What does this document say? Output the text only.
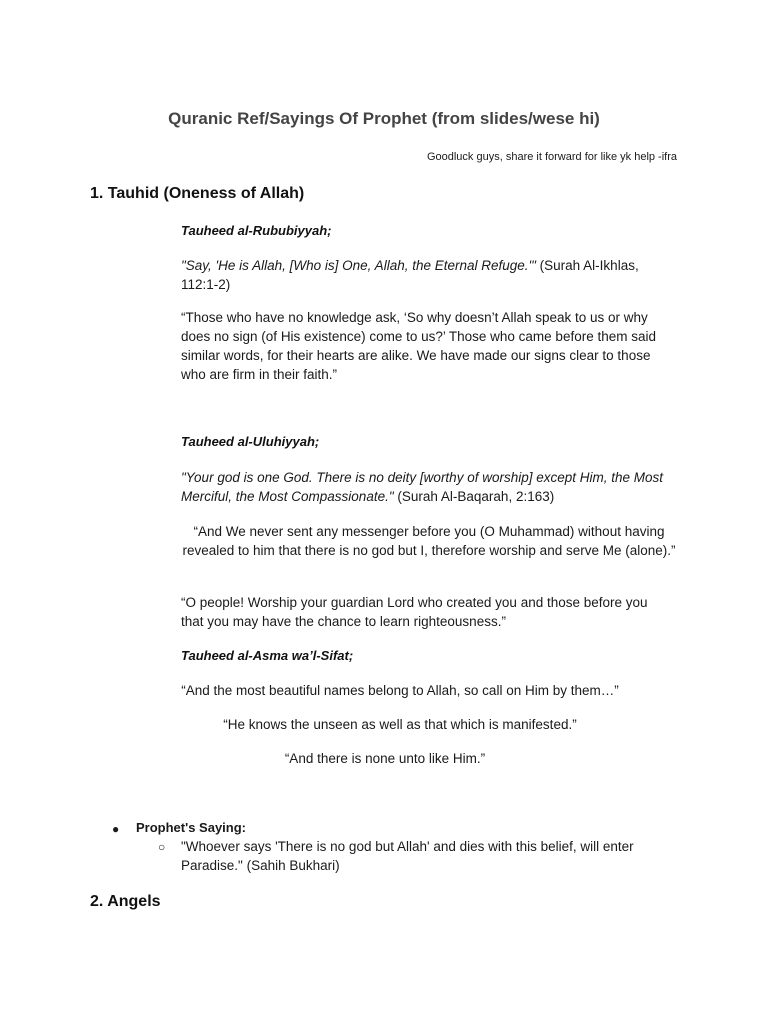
Quranic Ref/Sayings Of Prophet (from slides/wese hi)
Goodluck guys, share it forward for like yk help -ifra
1. Tauhid (Oneness of Allah)
Tauheed al-Rububiyyah;
"Say, 'He is Allah, [Who is] One, Allah, the Eternal Refuge.'" (Surah Al-Ikhlas, 112:1-2)
“Those who have no knowledge ask, ‘So why doesn’t Allah speak to us or why does no sign (of His existence) come to us?’ Those who came before them said similar words, for their hearts are alike. We have made our signs clear to those who are firm in their faith.”
Tauheed al-Uluhiyyah;
"Your god is one God. There is no deity [worthy of worship] except Him, the Most Merciful, the Most Compassionate." (Surah Al-Baqarah, 2:163)
“And We never sent any messenger before you (O Muhammad) without having revealed to him that there is no god but I, therefore worship and serve Me (alone).”
“O people! Worship your guardian Lord who created you and those before you that you may have the chance to learn righteousness.”
Tauheed al-Asma wa’l-Sifat;
“And the most beautiful names belong to Allah, so call on Him by them…”
“He knows the unseen as well as that which is manifested.”
“And there is none unto like Him.”
● Prophet's Saying:
○ "Whoever says 'There is no god but Allah' and dies with this belief, will enter Paradise." (Sahih Bukhari)
2. Angels
